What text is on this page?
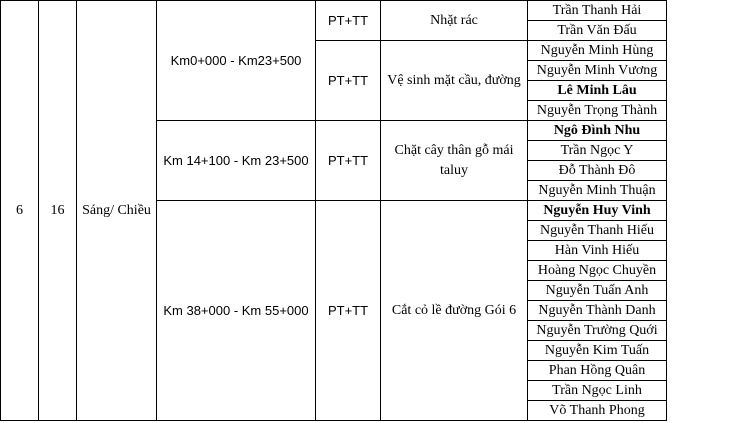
6	16	Sáng/ Chiều	Km0+000 - Km23+500	PT+TT	Nhặt rác	Trần Thanh Hải	
						Trần Văn Đấu	
				PT+TT	Vệ sinh mặt cầu, đường	Nguyễn Minh Hùng	
						Nguyễn Minh Vương	
						Lê Minh Lâu	
						Nguyễn Trọng Thành	
			Km 14+100 - Km 23+500	PT+TT	Chặt cây thân gỗ mái taluy	Ngô Đình Nhu	
						Trần Ngọc Y	
						Đỗ Thành Đô	
						Nguyễn Minh Thuận	
			Km 38+000 - Km 55+000	PT+TT	Cắt cỏ lề đường Gói 6	Nguyễn Huy Vinh	
						Nguyễn Thanh Hiếu	
						Hàn Vinh Hiếu	
						Hoàng Ngọc Chuyền	
						Nguyễn Tuấn Anh	
						Nguyễn Thành Danh	
						Nguyễn Trường Quới	
						Nguyễn Kim Tuấn	
						Phan Hồng Quân	
						Trần Ngọc Linh	
						Võ Thanh Phong	
